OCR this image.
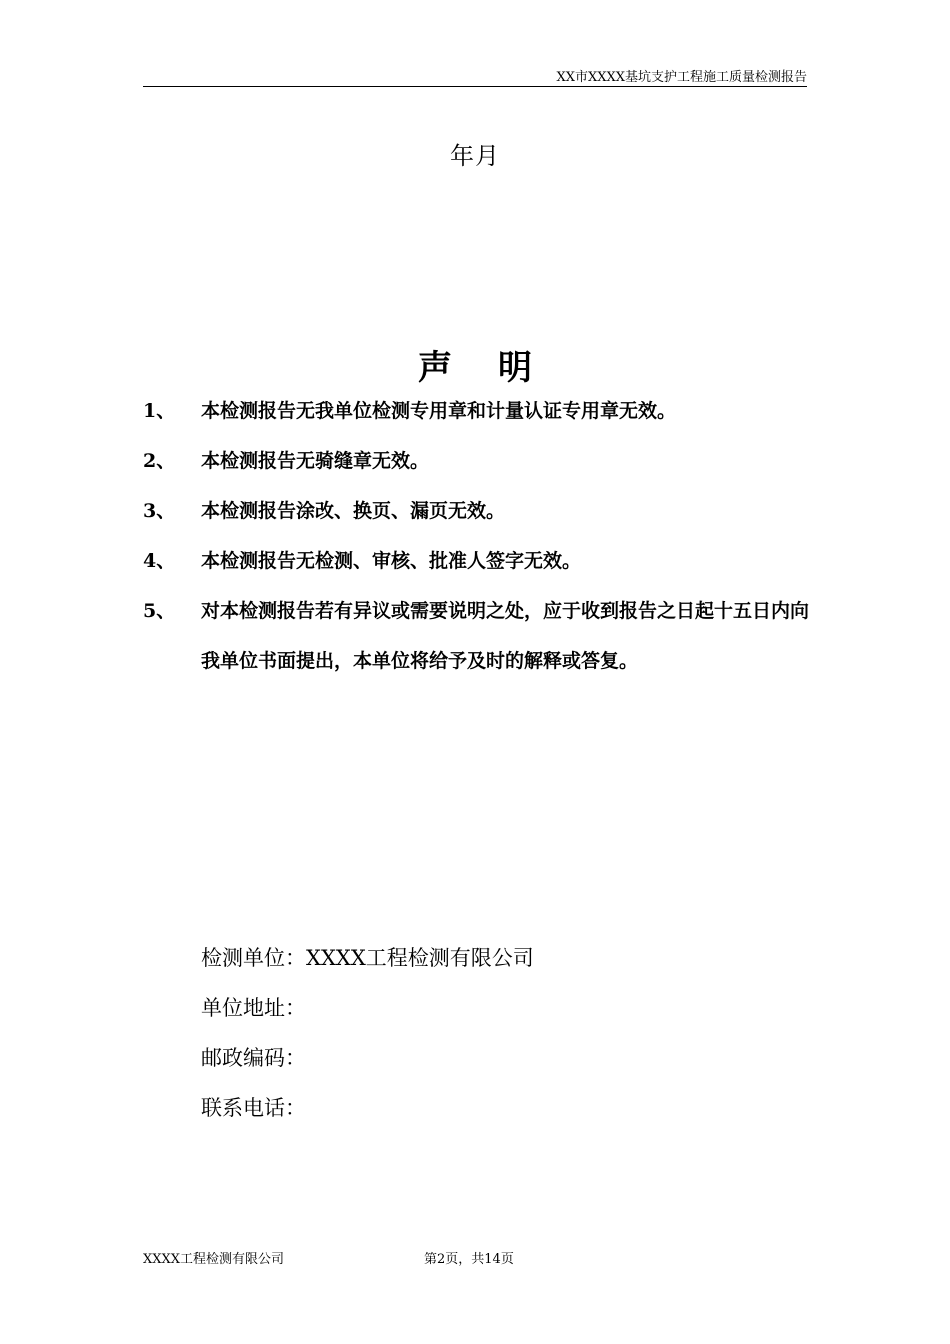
XX市XXXX基坑支护工程施工质量检测报告
年月
声明
1、	本检测报告无我单位检测专用章和计量认证专用章无效。
2、	本检测报告无骑缝章无效。
3、	本检测报告涂改、换页、漏页无效。
4、	本检测报告无检测、审核、批准人签字无效。
5、	对本检测报告若有异议或需要说明之处，应于收到报告之日起十五日内向我单位书面提出，本单位将给予及时的解释或答复。
检测单位：XXXX工程检测有限公司
单位地址：
邮政编码：
联系电话：
XXXX工程检测有限公司	第2页，共14页
